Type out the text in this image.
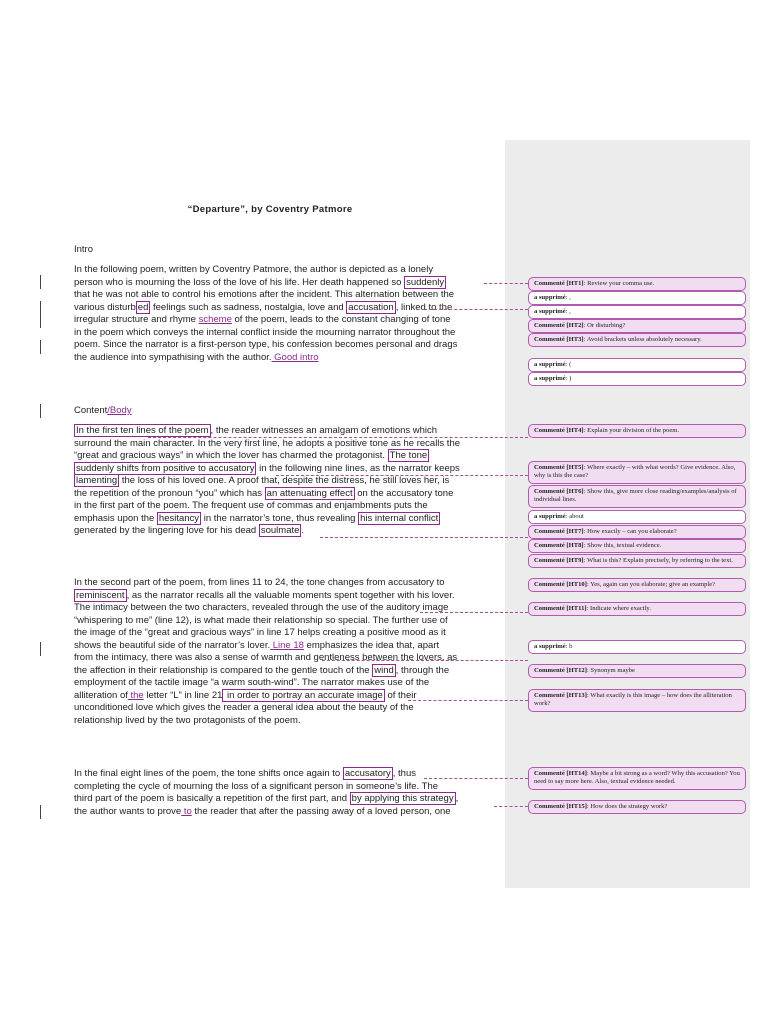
“Departure”, by Coventry Patmore
Intro

In the following poem, written by Coventry Patmore, the author is depicted as a lonely

person who is mourning the loss of the love of his life. Her death happened so suddenly

that he was not able to control his emotions after the incident. This alternation between the

various disturb ed feelings such as sadness, nostalgia, love and accusation , linked to the

irregular structure and rhyme scheme of the poem, leads to the constant changing of tone

in the poem which conveys the internal conflict inside the mourning narrator throughout the

poem. Since the narrator is a first-person type, his confession becomes personal and drags

the audience into sympathising with the author. Good intro

Content/Body

In the first ten lines of the poem , the reader witnesses an amalgam of emotions which

surround the main character. In the very first line, he adopts a positive tone as he recalls the

“great and gracious ways” in which the lover has charmed the protagonist. The tone

suddenly shifts from positive to accusatory in the following nine lines, as the narrator keeps

lamenting the loss of his loved one. A proof that, despite the distress, he still loves her, is

the repetition of the pronoun “you” which has an attenuating effect on the accusatory tone

in the first part of the poem. The frequent use of commas and enjambments puts the

emphasis upon the hesitancy in the narrator’s tone, thus revealing his internal conflict

generated by the lingering love for his dead soulmate .

In the second part of the poem, from lines 11 to 24, the tone changes from accusatory to

reminiscent , as the narrator recalls all the valuable moments spent together with his lover.

The intimacy between the two characters, revealed through the use of the auditory image

“whispering to me” (line 12), is what made their relationship so special. The further use of

the image of the “great and gracious ways” in line 17 helps creating a positive mood as it

shows the beautiful side of the narrator’s lover. Line 18 emphasizes the idea that, apart

from the intimacy, there was also a sense of warmth and gentleness between the lovers, as

the affection in their relationship is compared to the gentle touch of the wind , through the

employment of the tactile image “a warm south-wind”. The narrator makes use of the

alliteration of the letter “L” in line 21 in order to portray an accurate image of their

unconditioned love which gives the reader a general idea about the beauty of the

relationship lived by the two protagonists of the poem.

In the final eight lines of the poem, the tone shifts once again to accusatory , thus

completing the cycle of mourning the loss of a significant person in someone’s life. The

third part of the poem is basically a repetition of the first part, and by applying this strategy ,

the author wants to prove to the reader that after the passing away of a loved person, one

Commenté [HT1]: Review your comma use.
a supprimé: ,
a supprimé: ,
Commenté [HT2]: Or disturbing?
Commenté [HT3]: Avoid brackets unless absolutely necessary.
a supprimé: (
a supprimé: )
Commenté [HT4]: Explain your division of the poem.
Commenté [HT5]: Where exactly – with what words? Give evidence. Also, why is this the case?
Commenté [HT6]: Show this, give more close reading/examples/analysis of individual lines.
a supprimé: about
Commenté [HT7]: How exactly – can you elaborate?
Commenté [HT8]: Show this, textual evidence.
Commenté [HT9]: What is this? Explain precisely, by referring to the text.
Commenté [HT10]: Yes, again can you elaborate; give an example?
Commenté [HT11]: Indicate where exactly.
a supprimé: b
Commenté [HT12]: Synonym maybe
Commenté [HT13]: What exactly is this image – how does the alliteration work?
Commenté [HT14]: Maybe a bit strong as a word? Why this accusation? You need to say more here. Also, textual evidence needed.
Commenté [HT15]: How does the strategy work?
